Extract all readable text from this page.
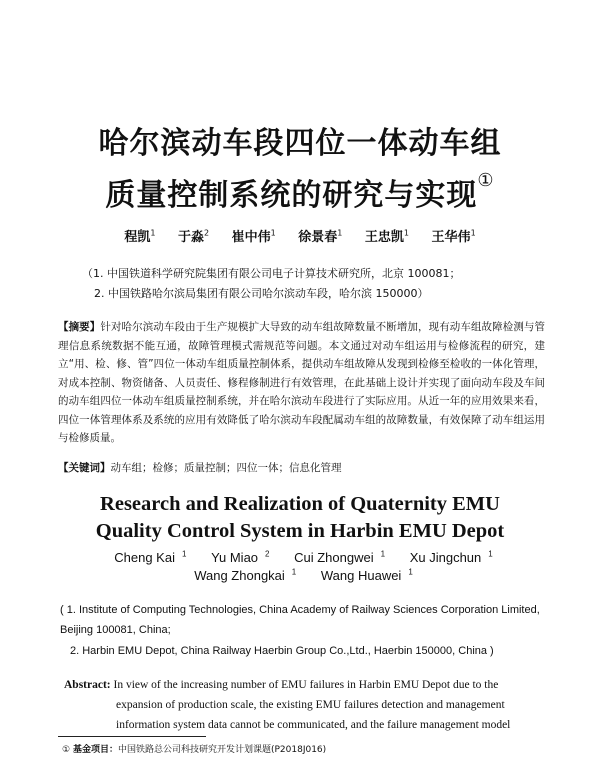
哈尔滨动车段四位一体动车组
质量控制系统的研究与实现①
程凯$^1$ 于淼$^2$ 崔中伟$^1$ 徐景春$^1$ 王忠凯$^1$ 王华伟$^1$
（1. 中国铁道科学研究院集团有限公司电子计算技术研究所，北京 100081；
2. 中国铁路哈尔滨局集团有限公司哈尔滨动车段，哈尔滨 150000）
【摘要】针对哈尔滨动车段由于生产规模扩大导致的动车组故障数量不断增加，现有动车组故障检测与管理信息系统数据不能互通，故障管理模式需规范等问题。本文通过对动车组运用与检修流程的研究，建立“用、检、修、管”四位一体动车组质量控制体系，提供动车组故障从发现到检修至检收的一体化管理，对成本控制、物资储备、人员责任、修程修制进行有效管理，在此基础上设计并实现了面向动车段及车间的动车组四位一体动车组质量控制系统，并在哈尔滨动车段进行了实际应用。从近一年的应用效果来看，四位一体管理体系及系统的应用有效降低了哈尔滨动车段配属动车组的故障数量，有效保障了动车组运用与检修质量。
【关键词】动车组；检修；质量控制；四位一体；信息化管理
Research and Realization of Quaternity EMU
Quality Control System in Harbin EMU Depot
Cheng Kai $^1$ Yu Miao $^2$ Cui Zhongwei $^1$ Xu Jingchun $^1$
Wang Zhongkai $^1$ Wang Huawei $^1$
( 1. Institute of Computing Technologies, China Academy of Railway Sciences Corporation Limited, Beijing 100081, China;
2. Harbin EMU Depot, China Railway Haerbin Group Co.,Ltd., Haerbin 150000, China )
Abstract: In view of the increasing number of EMU failures in Harbin EMU Depot due to the
expansion of production scale, the existing EMU failures detection and management
information system data cannot be communicated, and the failure management model
① 基金项目：中国铁路总公司科技研究开发计划课题(P2018J016)
